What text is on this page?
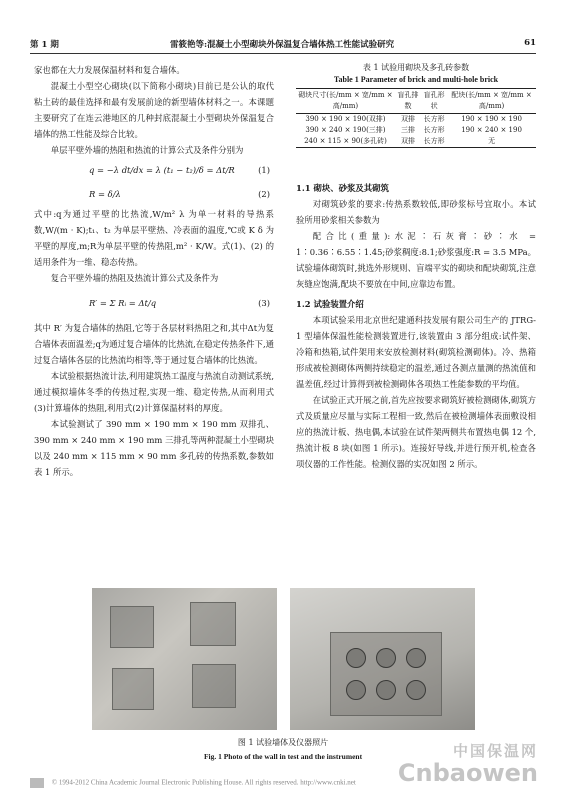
第 1 期	雷筱艳等:混凝土小型砌块外保温复合墙体热工性能试验研究	61

家也都在大力发展保温材料和复合墙体。

混凝土小型空心砌块(以下简称小砌块)目前已是公认的取代粘土砖的最佳选择和最有发展前途的新型墙体材料之一。本课题主要研究了在连云港地区的几种封底混凝土小型砌块外保温复合墙体的热工性能及综合比较。

单层平壁外墙的热阻和热流的计算公式及条件分别为

q = −λ dt/dx = λ (t₁ − t₂)/δ = Δt/R	(1)
R = δ/λ	(2)

式中:q为通过平壁的比热流,W/m² λ 为单一材料的导热系数,W/(m · K);t₁、t₂ 为单层平壁热、冷表面的温度,℃或 K δ 为平壁的厚度,m;R为单层平壁的传热阻,m² · K/W。式(1)、(2) 的适用条件为一维、稳态传热。

复合平壁外墙的热阻及热流计算公式及条件为

R′ = Σ Rᵢ = Δt/q	(3)

其中 R′ 为复合墙体的热阻,它等于各层材料热阻之和,其中Δt为复合墙体表面温差;q为通过复合墙体的比热流,在稳定传热条件下,通过复合墙体各层的比热流均相等,等于通过复合墙体的比热流。

本试验根据热流计法,利用建筑热工温度与热流自动测试系统,通过模拟墙体冬季的传热过程,实现一维、稳定传热,从而利用式(3)计算墙体的热阻,利用式(2)计算保温材料的厚度。

本试验测试了 390 mm × 190 mm × 190 mm 双排孔、390 mm × 240 mm × 190 mm 三排孔等两种混凝土小型砌块以及 240 mm × 115 mm × 90 mm 多孔砖的传热系数,参数如表 1 所示。

表 1 试验用砌块及多孔砖参数
Table 1 Parameter of brick and multi-hole brick
砌块尺寸(长/mm × 宽/mm × 高/mm)	盲孔排数	盲孔形状	配块(长/mm × 宽/mm × 高/mm)
390 × 190 × 190(双排)	双排	长方形	190 × 190 × 190
390 × 240 × 190(三排)	三排	长方形	190 × 240 × 190
240 × 115 × 90(多孔砖)	双排	长方形	无
1.1 砌块、砂浆及其砌筑

对砌筑砂浆的要求:传热系数较低,即砂浆标号宜取小。本试验所用砂浆相关参数为

配合比(重量):水泥∶石灰膏∶砂∶水 = 1∶0.36∶6.55∶1.45;砂浆稠度:8.1;砂浆强度:R = 3.5 MPa。试验墙体砌筑时,挑选外形规则、盲端平实的砌块和配块砌筑,注意灰缝应饱满,配块不要放在中间,应靠边布置。

1.2 试验装置介绍

本项试验采用北京世纪建通科技发展有限公司生产的 JTRG-1 型墙体保温性能检测装置进行,该装置由 3 部分组成:试件架、冷箱和热箱,试件架用来安放检测材料(砌筑检测砌体)。冷、热箱形成被检测砌体两侧持续稳定的温差,通过各测点量测的热流值和温差值,经过计算得到被检测砌体各项热工性能参数的平均值。

在试验正式开展之前,首先应按要求砌筑好被检测砌体,砌筑方式及质量应尽量与实际工程相一致,然后在被检测墙体表面敷设相应的热流计板、热电偶,本试验在试件架两侧共布置热电偶 12 个,热流计板 8 块(如图 1 所示)。连接好导线,并进行预开机,检查各项仪器的工作性能。检测仪器的实况如图 2 所示。

图 1 试验墙体及仪器照片
Fig. 1 Photo of the wall in test and the instrument
© 1994-2012 China Academic Journal Electronic Publishing House. All rights reserved. http://www.cnki.net
中国保温网
Cnbaowen
